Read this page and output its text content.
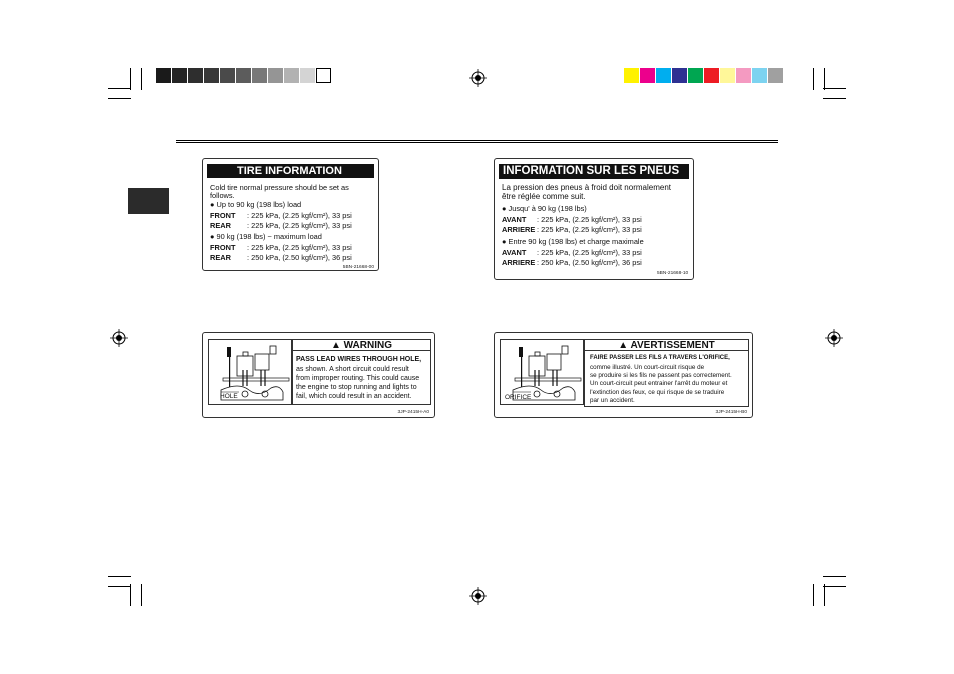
TIRE INFORMATION
Cold tire normal pressure should be set as
follows.
● Up to 90 kg (198 lbs) load
FRONT : 225 kPa, (2.25 kgf/cm²), 33 psi
REAR : 225 kPa, (2.25 kgf/cm²), 33 psi
● 90 kg (198 lbs) ~ maximum load
FRONT : 225 kPa, (2.25 kgf/cm²), 33 psi
REAR : 250 kPa, (2.50 kgf/cm²), 36 psi
5BN-21668-00
INFORMATION SUR LES PNEUS
La pression des pneus à froid doit normalement
être réglée comme suit.
● Jusqu' à 90 kg (198 lbs)
AVANT : 225 kPa, (2.25 kgf/cm²), 33 psi
ARRIERE : 225 kPa, (2.25 kgf/cm²), 33 psi
● Entre 90 kg (198 lbs) et charge maximale
AVANT : 225 kPa, (2.25 kgf/cm²), 33 psi
ARRIERE : 250 kPa, (2.50 kgf/cm²), 36 psi
5BN-21668-10
HOLE
▲ WARNING
PASS LEAD WIRES THROUGH HOLE,
as shown. A short circuit could result
from improper routing. This could cause
the engine to stop running and lights to
fail, which could result in an accident.
3JP-2415H-A0
ORIFICE
▲ AVERTISSEMENT
FAIRE PASSER LES FILS A TRAVERS L'ORIFICE,
comme illustré. Un court-circuit risque de
se produire si les fils ne passent pas correctement.
Un court-circuit peut entrainer l'arrêt du moteur et
l'extinction des feux, ce qui risque de se traduire
par un accident.
3JP-2415H-B0
